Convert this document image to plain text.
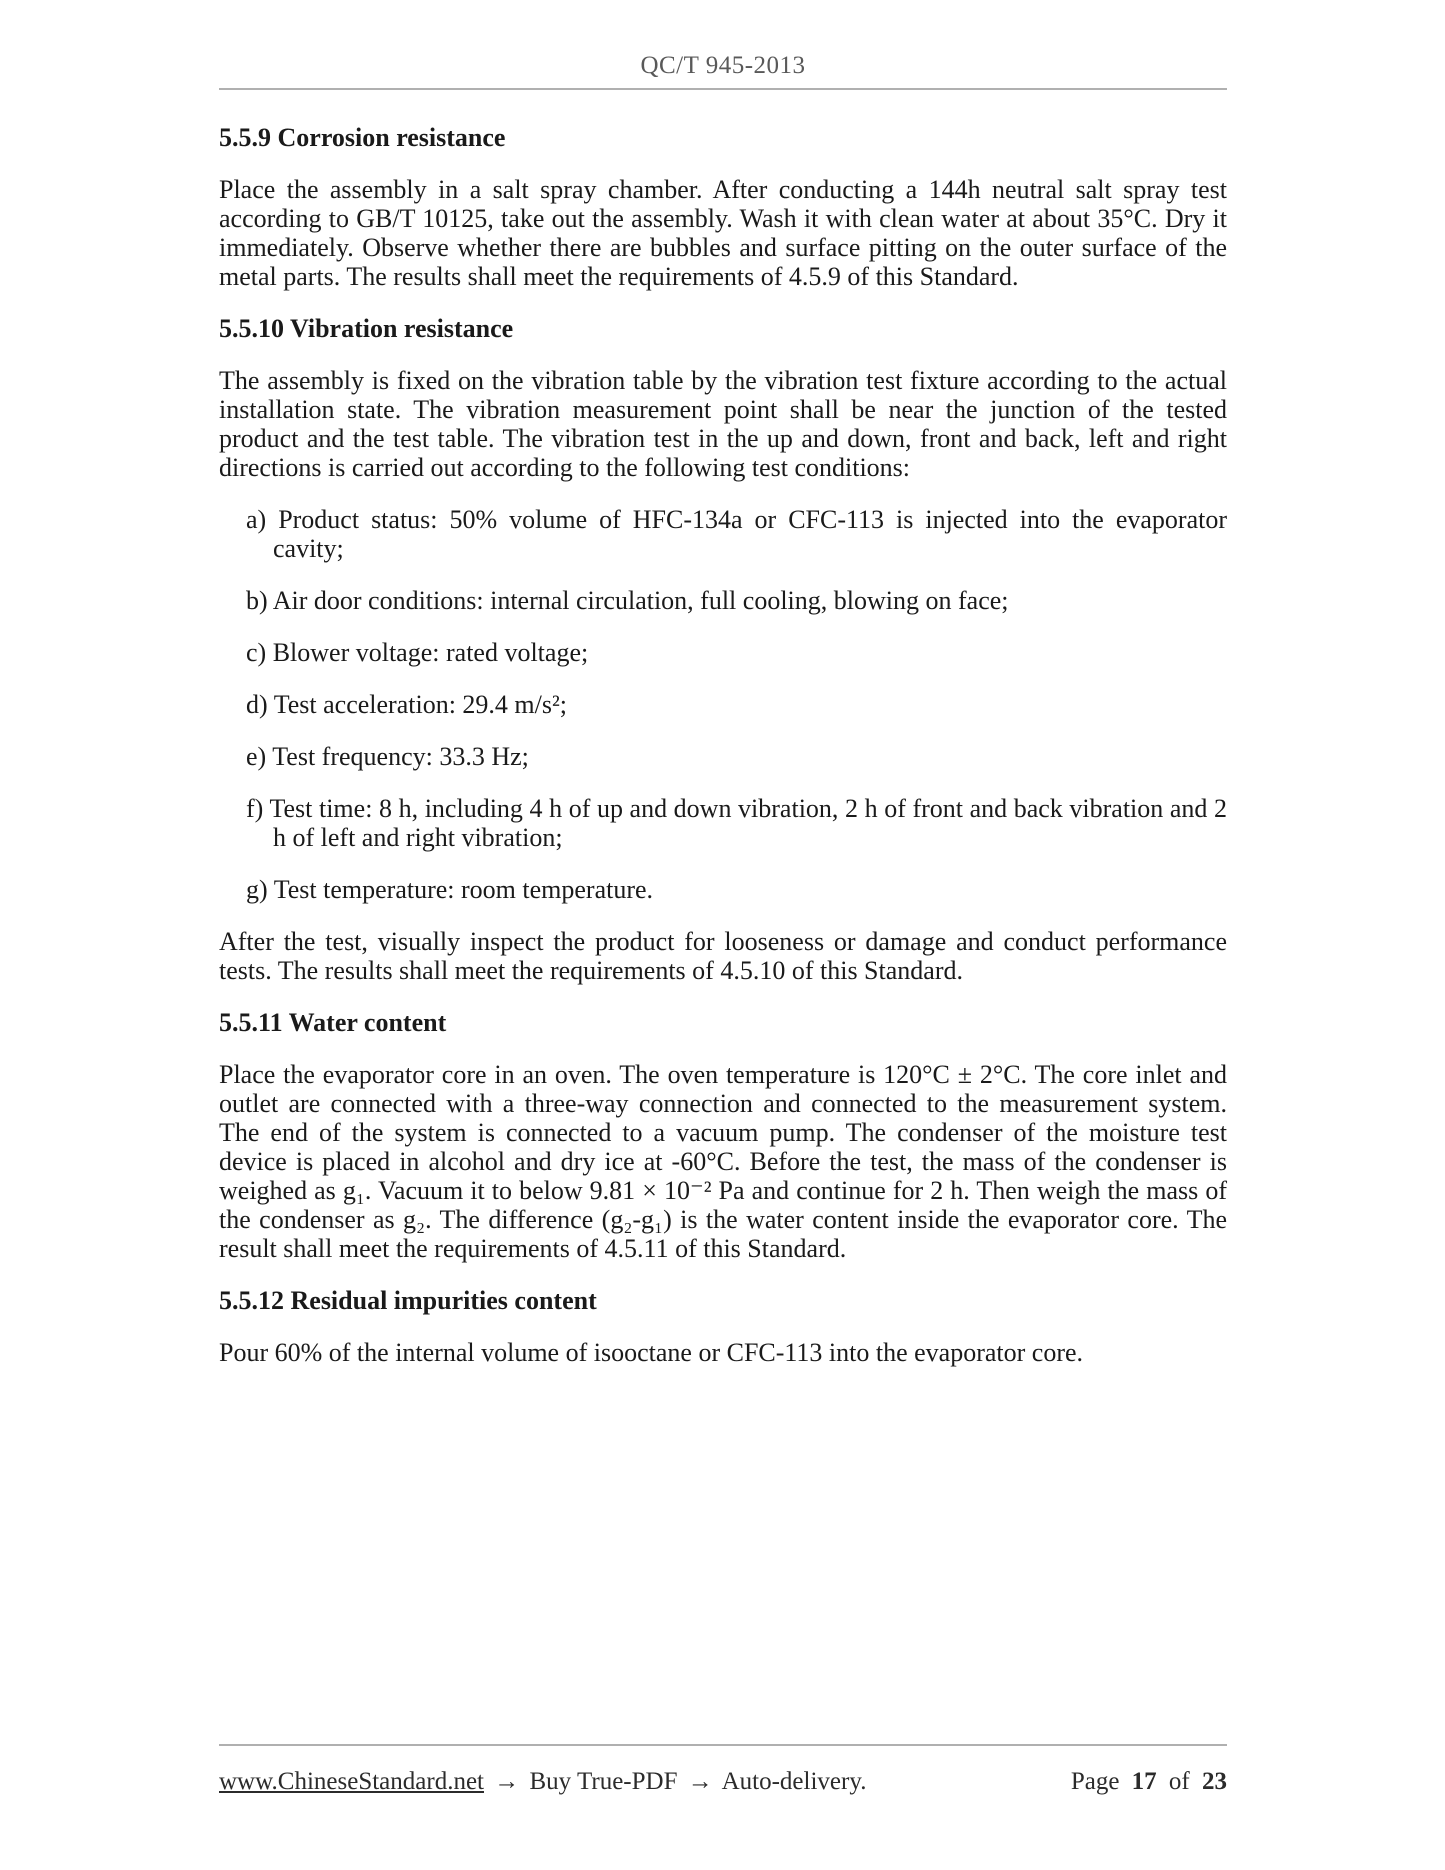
QC/T 945-2013
5.5.9 Corrosion resistance

Place the assembly in a salt spray chamber. After conducting a 144h neutral salt spray test according to GB/T 10125, take out the assembly. Wash it with clean water at about 35°C. Dry it immediately. Observe whether there are bubbles and surface pitting on the outer surface of the metal parts. The results shall meet the requirements of 4.5.9 of this Standard.

5.5.10 Vibration resistance

The assembly is fixed on the vibration table by the vibration test fixture according to the actual installation state. The vibration measurement point shall be near the junction of the tested product and the test table. The vibration test in the up and down, front and back, left and right directions is carried out according to the following test conditions:

a) Product status: 50% volume of HFC-134a or CFC-113 is injected into the evaporator cavity;
b) Air door conditions: internal circulation, full cooling, blowing on face;
c) Blower voltage: rated voltage;
d) Test acceleration: 29.4 m/s²;
e) Test frequency: 33.3 Hz;
f) Test time: 8 h, including 4 h of up and down vibration, 2 h of front and back vibration and 2 h of left and right vibration;
g) Test temperature: room temperature.

After the test, visually inspect the product for looseness or damage and conduct performance tests. The results shall meet the requirements of 4.5.10 of this Standard.

5.5.11 Water content

Place the evaporator core in an oven. The oven temperature is 120°C ± 2°C. The core inlet and outlet are connected with a three-way connection and connected to the measurement system. The end of the system is connected to a vacuum pump. The condenser of the moisture test device is placed in alcohol and dry ice at -60°C. Before the test, the mass of the condenser is weighed as g₁. Vacuum it to below 9.81 × 10⁻² Pa and continue for 2 h. Then weigh the mass of the condenser as g₂. The difference (g₂-g₁) is the water content inside the evaporator core. The result shall meet the requirements of 4.5.11 of this Standard.

5.5.12 Residual impurities content

Pour 60% of the internal volume of isooctane or CFC-113 into the evaporator core.

www.ChineseStandard.net → Buy True-PDF → Auto-delivery.	Page 17 of 23
